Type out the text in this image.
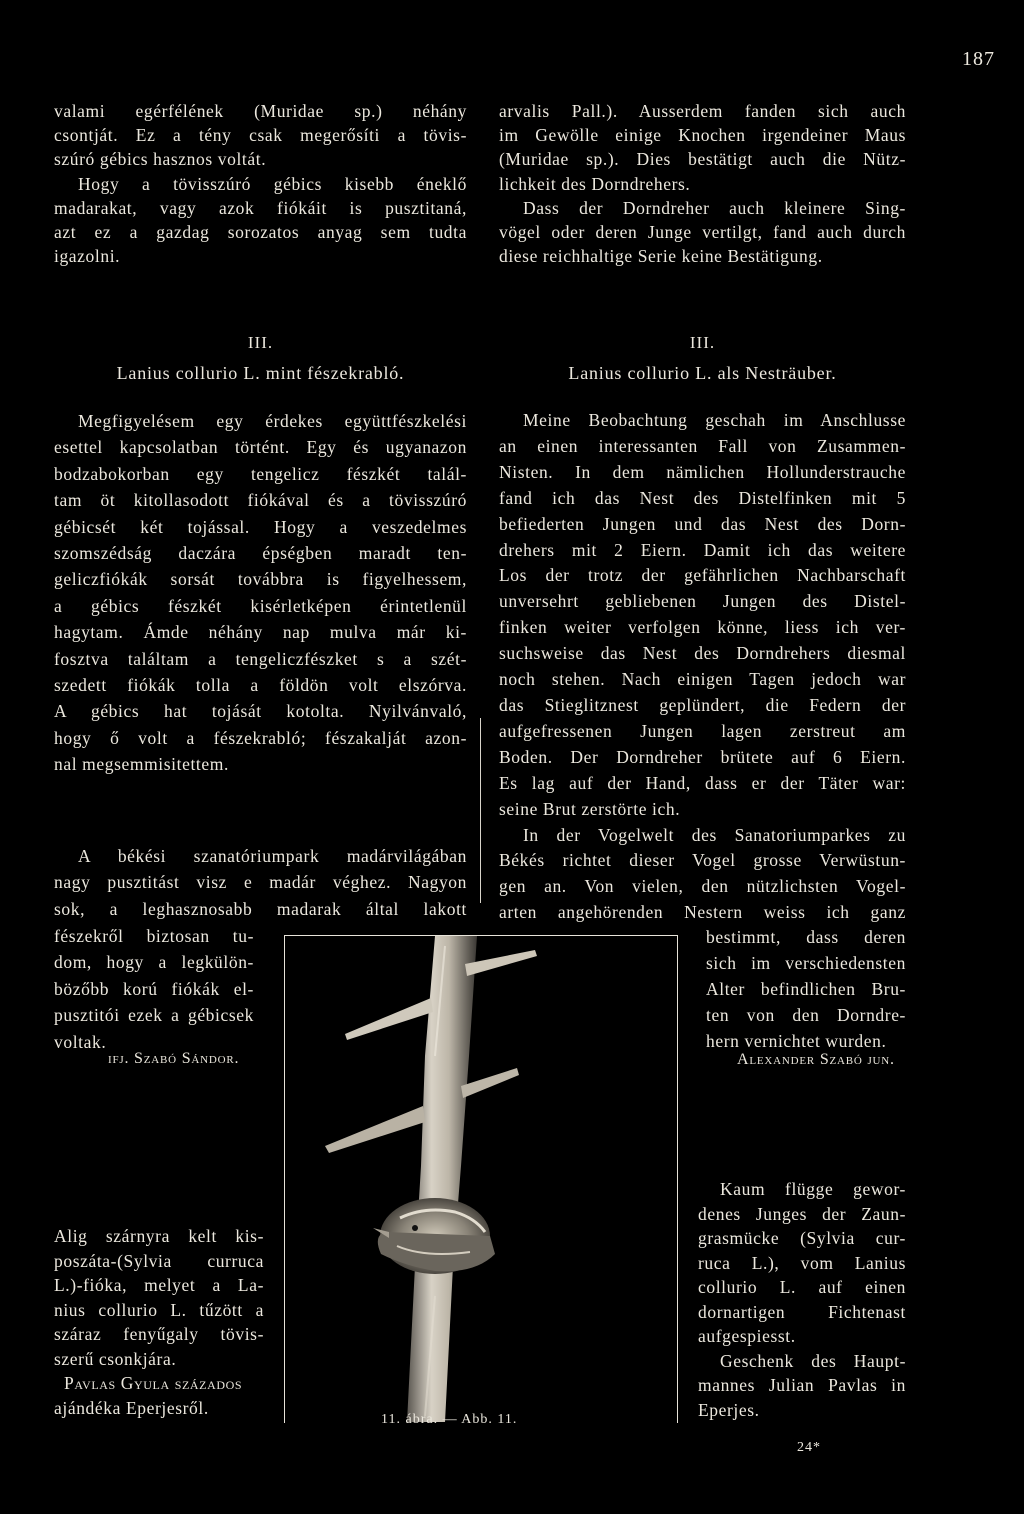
187
valami egérfélének (Muridae sp.) néhány
csontját. Ez a tény csak megerősíti a tövis-
szúró gébics hasznos voltát.
Hogy a tövisszúró gébics kisebb éneklő
madarakat, vagy azok fiókáit is pusztitaná,
azt ez a gazdag sorozatos anyag sem tudta
igazolni.
III.
Lanius collurio L. mint fészekrabló.
Megfigyelésem egy érdekes együttfészkelési
esettel kapcsolatban történt. Egy és ugyanazon
bodzabokorban egy tengelicz fészkét talál-
tam öt kitollasodott fiókával és a tövisszúró
gébicsét két tojással. Hogy a veszedelmes
szomszédság daczára épségben maradt ten-
geliczfiókák sorsát továbbra is figyelhessem,
a gébics fészkét kisérletképen érintetlenül
hagytam. Ámde néhány nap mulva már ki-
fosztva találtam a tengeliczfészket s a szét-
szedett fiókák tolla a földön volt elszórva.
A gébics hat tojását kotolta. Nyilvánvaló,
hogy ő volt a fészekrabló; fészakalját azon-
nal megsemmisitettem.
A békési szanatóriumpark madárvilágában
nagy pusztitást visz e madár véghez. Nagyon
sok, a leghasznosabb madarak által lakott
fészekről biztosan tu-
dom, hogy a legkülön-
bözőbb korú fiókák el-
pusztitói ezek a gébicsek
voltak.
ifj. Szabó Sándor.
arvalis Pall.). Ausserdem fanden sich auch
im Gewölle einige Knochen irgendeiner Maus
(Muridae sp.). Dies bestätigt auch die Nütz-
lichkeit des Dorndrehers.
Dass der Dorndreher auch kleinere Sing-
vögel oder deren Junge vertilgt, fand auch durch
diese reichhaltige Serie keine Bestätigung.
III.
Lanius collurio L. als Nesträuber.
Meine Beobachtung geschah im Anschlusse
an einen interessanten Fall von Zusammen-
Nisten. In dem nämlichen Hollunderstrauche
fand ich das Nest des Distelfinken mit 5
befiederten Jungen und das Nest des Dorn-
drehers mit 2 Eiern. Damit ich das weitere
Los der trotz der gefährlichen Nachbarschaft
unversehrt gebliebenen Jungen des Distel-
finken weiter verfolgen könne, liess ich ver-
suchsweise das Nest des Dorndrehers diesmal
noch stehen. Nach einigen Tagen jedoch war
das Stieglitznest geplündert, die Federn der
aufgefressenen Jungen lagen zerstreut am
Boden. Der Dorndreher brütete auf 6 Eiern.
Es lag auf der Hand, dass er der Täter war:
seine Brut zerstörte ich.
In der Vogelwelt des Sanatoriumparkes zu
Békés richtet dieser Vogel grosse Verwüstun-
gen an. Von vielen, den nützlichsten Vogel-
arten angehörenden Nestern weiss ich ganz
bestimmt, dass deren
sich im verschiedensten
Alter befindlichen Bru-
ten von den Dorndre-
hern vernichtet wurden.
Alexander Szabó jun.
Alig szárnyra kelt kis-
poszáta-(Sylvia curruca
L.)-fióka, melyet a La-
nius collurio L. tűzött a
száraz fenyűgaly tövis-
szerű csonkjára.
Pavlas Gyula százados
ajándéka Eperjesről.
11. ábra. — Abb. 11.
Kaum flügge gewor-
denes Junges der Zaun-
grasmücke (Sylvia cur-
ruca L.), vom Lanius
collurio L. auf einen
dornartigen Fichtenast
aufgespiesst.
Geschenk des Haupt-
mannes Julian Pavlas in
Eperjes.
24*
